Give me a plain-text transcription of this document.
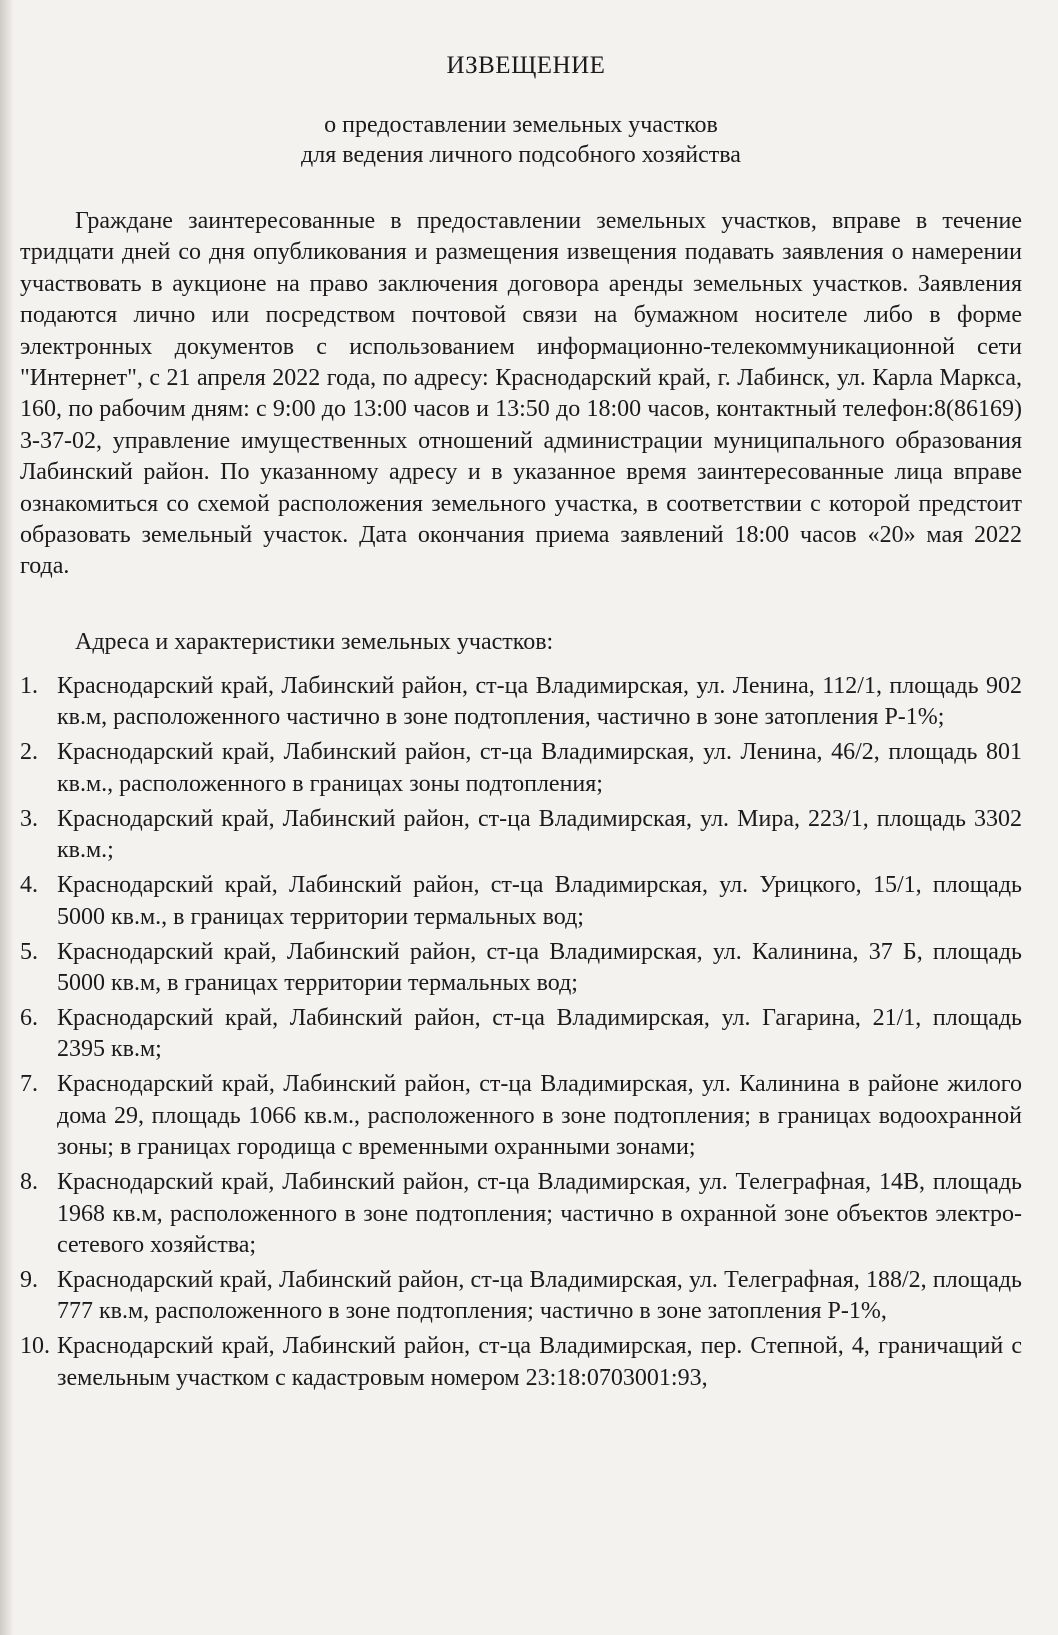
ИЗВЕЩЕНИЕ
о предоставлении земельных участков
для ведения личного подсобного хозяйства

Граждане заинтересованные в предоставлении земельных участков, вправе в течение тридцати дней со дня опубликования и размещения извещения подавать заявления о намерении участвовать в аукционе на право заключения договора аренды земельных участков. Заявления подаются лично или посредством почтовой связи на бумажном носителе либо в форме электронных документов с использованием информационно-телекоммуникационной сети "Интернет", с 21 апреля 2022 года, по адресу: Краснодарский край, г. Лабинск, ул. Карла Маркса, 160, по рабочим дням: с 9:00 до 13:00 часов и 13:50 до 18:00 часов, контактный телефон:8(86169) 3-37-02, управление имущественных отношений администрации муниципального образования Лабинский район. По указанному адресу и в указанное время заинтересованные лица вправе ознакомиться со схемой расположения земельного участка, в соответствии с которой предстоит образовать земельный участок. Дата окончания приема заявлений 18:00 часов «20» мая 2022 года.

Адреса и характеристики земельных участков:
1. Краснодарский край, Лабинский район, ст-ца Владимирская, ул. Ленина, 112/1, площадь 902 кв.м, расположенного частично в зоне подтопления, частично в зоне затопления Р-1%;
2. Краснодарский край, Лабинский район, ст-ца Владимирская, ул. Ленина, 46/2, площадь 801 кв.м., расположенного в границах зоны подтопления;
3. Краснодарский край, Лабинский район, ст-ца Владимирская, ул. Мира, 223/1, площадь 3302 кв.м.;
4. Краснодарский край, Лабинский район, ст-ца Владимирская, ул. Урицкого, 15/1, площадь 5000 кв.м., в границах территории термальных вод;
5. Краснодарский край, Лабинский район, ст-ца Владимирская, ул. Калинина, 37 Б, площадь 5000 кв.м, в границах территории термальных вод;
6. Краснодарский край, Лабинский район, ст-ца Владимирская, ул. Гагарина, 21/1, площадь 2395 кв.м;
7. Краснодарский край, Лабинский район, ст-ца Владимирская, ул. Калинина в районе жилого дома 29, площадь 1066 кв.м., расположенного в зоне подтопления; в границах водоохранной зоны; в границах городища с временными охранными зонами;
8. Краснодарский край, Лабинский район, ст-ца Владимирская, ул. Телеграфная, 14В, площадь 1968 кв.м, расположенного в зоне подтопления; частично в охранной зоне объектов электро-сетевого хозяйства;
9. Краснодарский край, Лабинский район, ст-ца Владимирская, ул. Телеграфная, 188/2, площадь 777 кв.м, расположенного в зоне подтопления; частично в зоне затопления Р-1%,
10. Краснодарский край, Лабинский район, ст-ца Владимирская, пер. Степной, 4, граничащий с земельным участком с кадастровым номером 23:18:0703001:93,
